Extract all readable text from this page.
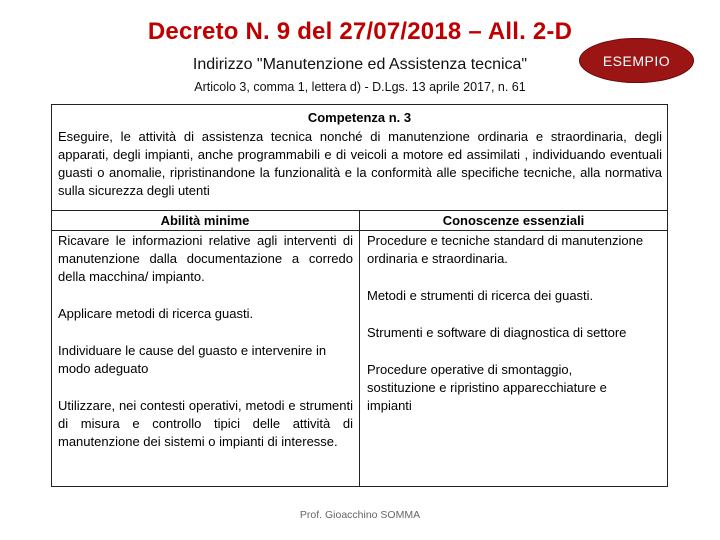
Decreto N. 9 del 27/07/2018 – All. 2-D
Indirizzo "Manutenzione ed Assistenza tecnica"
Articolo 3, comma 1, lettera d) - D.Lgs. 13 aprile 2017, n. 61
ESEMPIO
Competenza n. 3
Eseguire, le attività di assistenza tecnica nonché di manutenzione ordinaria e straordinaria, degli apparati, degli impianti, anche programmabili e di veicoli a motore ed assimilati , individuando eventuali guasti o anomalie, ripristinandone la funzionalità e la conformità alle specifiche tecniche, alla normativa sulla sicurezza degli utenti
Abilità minime	Conoscenze essenziali
Ricavare le informazioni relative agli interventi di manutenzione dalla documentazione a corredo della macchina/ impianto.
Applicare metodi di ricerca guasti.
Individuare le cause del guasto e intervenire in modo adeguato
Utilizzare, nei contesti operativi, metodi e strumenti di misura e controllo tipici delle attività di manutenzione dei sistemi o impianti di interesse.
Procedure e tecniche standard di manutenzione ordinaria e straordinaria.
Metodi e strumenti di ricerca dei guasti.
Strumenti e software di diagnostica di settore
Procedure operative di smontaggio, sostituzione e ripristino apparecchiature e impianti
Prof. Gioacchino SOMMA
